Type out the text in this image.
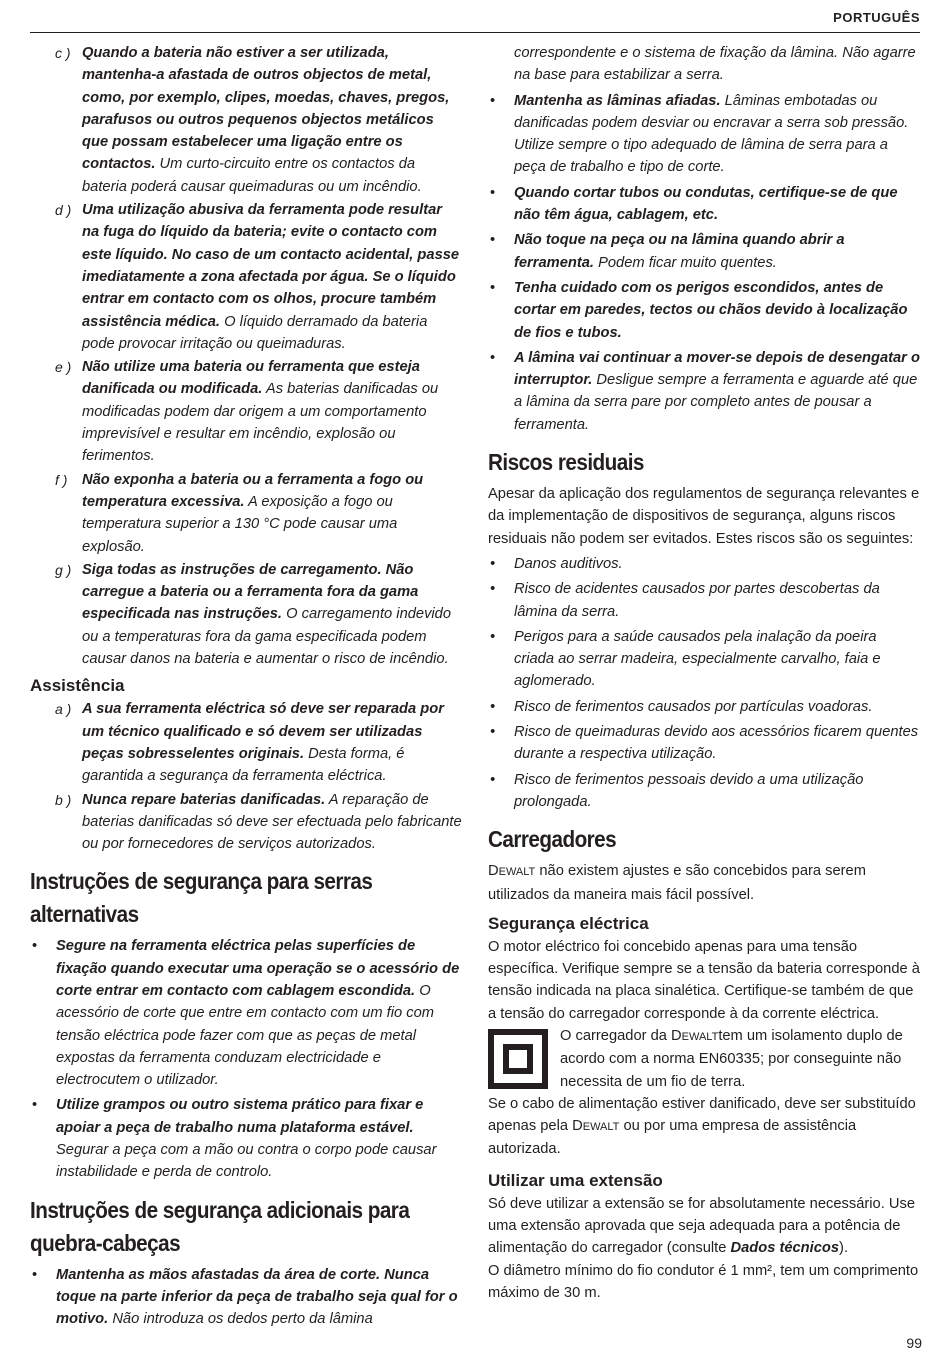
PORTUGUÊS
c ) Quando a bateria não estiver a ser utilizada, mantenha-a afastada de outros objectos de metal, como, por exemplo, clipes, moedas, chaves, pregos, parafusos ou outros pequenos objectos metálicos que possam estabelecer uma ligação entre os contactos. Um curto-circuito entre os contactos da bateria poderá causar queimaduras ou um incêndio.
d ) Uma utilização abusiva da ferramenta pode resultar na fuga do líquido da bateria; evite o contacto com este líquido. No caso de um contacto acidental, passe imediatamente a zona afectada por água. Se o líquido entrar em contacto com os olhos, procure também assistência médica. O líquido derramado da bateria pode provocar irritação ou queimaduras.
e ) Não utilize uma bateria ou ferramenta que esteja danificada ou modificada. As baterias danificadas ou modificadas podem dar origem a um comportamento imprevisível e resultar em incêndio, explosão ou ferimentos.
f ) Não exponha a bateria ou a ferramenta a fogo ou temperatura excessiva. A exposição a fogo ou temperatura superior a 130 °C pode causar uma explosão.
g ) Siga todas as instruções de carregamento. Não carregue a bateria ou a ferramenta fora da gama especificada nas instruções. O carregamento indevido ou a temperaturas fora da gama especificada podem causar danos na bateria e aumentar o risco de incêndio.
Assistência
a ) A sua ferramenta eléctrica só deve ser reparada por um técnico qualificado e só devem ser utilizadas peças sobresselentes originais. Desta forma, é garantida a segurança da ferramenta eléctrica.
b ) Nunca repare baterias danificadas. A reparação de baterias danificadas só deve ser efectuada pelo fabricante ou por fornecedores de serviços autorizados.
Instruções de segurança para serras
alternativas
• Segure na ferramenta eléctrica pelas superfícies de fixação quando executar uma operação se o acessório de corte entrar em contacto com cablagem escondida. O acessório de corte que entre em contacto com um fio com tensão eléctrica pode fazer com que as peças de metal expostas da ferramenta conduzam electricidade e electrocutem o utilizador.
• Utilize grampos ou outro sistema prático para fixar e apoiar a peça de trabalho numa plataforma estável. Segurar a peça com a mão ou contra o corpo pode causar instabilidade e perda de controlo.
Instruções de segurança adicionais para
quebra-cabeças
• Mantenha as mãos afastadas da área de corte. Nunca toque na parte inferior da peça de trabalho seja qual for o motivo. Não introduza os dedos perto da lâmina

correspondente e o sistema de fixação da lâmina. Não agarre na base para estabilizar a serra.

• Mantenha as lâminas afiadas. Lâminas embotadas ou danificadas podem desviar ou encravar a serra sob pressão. Utilize sempre o tipo adequado de lâmina de serra para a peça de trabalho e tipo de corte.
• Quando cortar tubos ou condutas, certifique-se de que não têm água, cablagem, etc.
• Não toque na peça ou na lâmina quando abrir a ferramenta. Podem ficar muito quentes.
• Tenha cuidado com os perigos escondidos, antes de cortar em paredes, tectos ou chãos devido à localização de fios e tubos.
• A lâmina vai continuar a mover-se depois de desengatar o interruptor. Desligue sempre a ferramenta e aguarde até que a lâmina da serra pare por completo antes de pousar a ferramenta.
Riscos residuais

Apesar da aplicação dos regulamentos de segurança relevantes e da implementação de dispositivos de segurança, alguns riscos residuais não podem ser evitados. Estes riscos são os seguintes:

• Danos auditivos.
• Risco de acidentes causados por partes descobertas da lâmina da serra.
• Perigos para a saúde causados pela inalação da poeira criada ao serrar madeira, especialmente carvalho, faia e aglomerado.
• Risco de ferimentos causados por partículas voadoras.
• Risco de queimaduras devido aos acessórios ficarem quentes durante a respectiva utilização.
• Risco de ferimentos pessoais devido a uma utilização prolongada.
Carregadores

DEWALT não existem ajustes e são concebidos para serem utilizados da maneira mais fácil possível.

Segurança eléctrica

O motor eléctrico foi concebido apenas para uma tensão específica. Verifique sempre se a tensão da bateria corresponde à tensão indicada na placa sinalética. Certifique-se também de que a tensão do carregador corresponde à da corrente eléctrica.

O carregador da DEWALTtem um isolamento duplo de acordo com a norma EN60335; por conseguinte não necessita de um fio de terra.

Se o cabo de alimentação estiver danificado, deve ser substituído apenas pela DEWALT ou por uma empresa de assistência autorizada.

Utilizar uma extensão

Só deve utilizar a extensão se for absolutamente necessário. Use uma extensão aprovada que seja adequada para a potência de alimentação do carregador (consulte Dados técnicos).

O diâmetro mínimo do fio condutor é 1 mm², tem um comprimento máximo de 30 m.

99
